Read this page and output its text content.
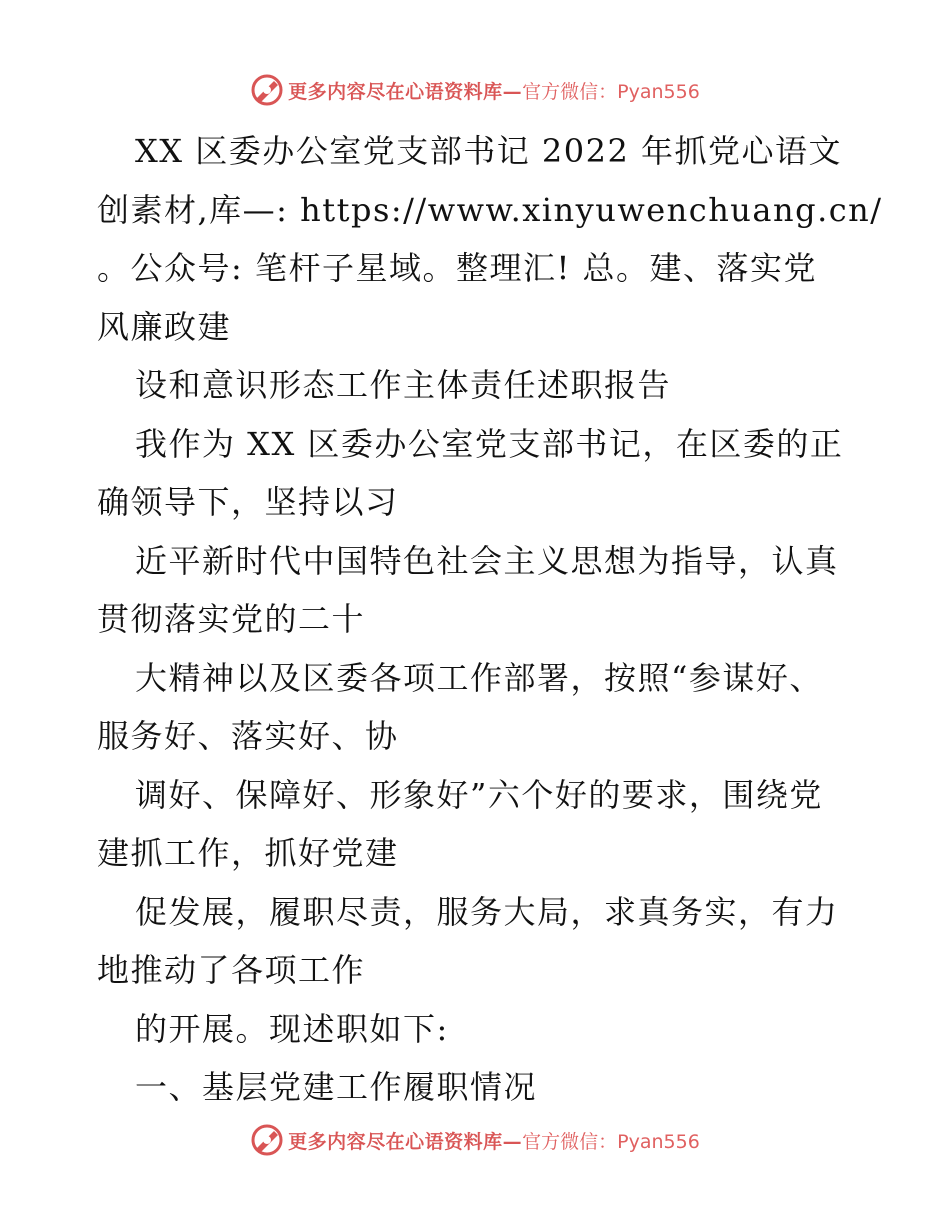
更多内容尽在心语资料库— 官方微信：Pyan556
XX 区委办公室党支部书记 2022 年抓党心语文
创素材,库—: https://www.xinyuwenchuang.cn/
。公众号: 笔杆子星域。整理汇! 总。建、落实党
风廉政建
设和意识形态工作主体责任述职报告
我作为 XX 区委办公室党支部书记，在区委的正
确领导下，坚持以习
近平新时代中国特色社会主义思想为指导，认真
贯彻落实党的二十
大精神以及区委各项工作部署，按照“参谋好、
服务好、落实好、协
调好、保障好、形象好”六个好的要求，围绕党
建抓工作，抓好党建
促发展，履职尽责，服务大局，求真务实，有力
地推动了各项工作
的开展。现述职如下:
一、基层党建工作履职情况
更多内容尽在心语资料库— 官方微信：Pyan556
